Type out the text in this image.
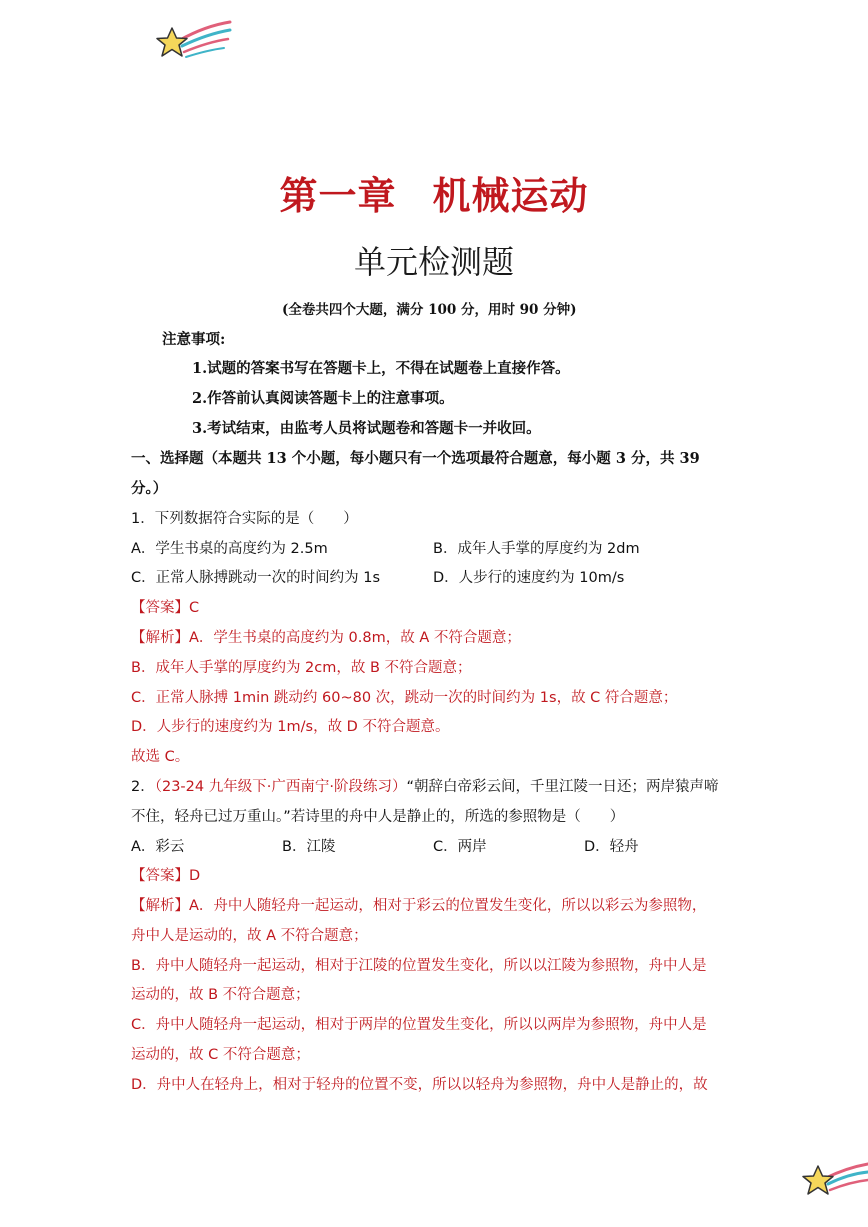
第一章 机械运动
单元检测题
(全卷共四个大题，满分 100 分，用时 90 分钟)
注意事项:
1.试题的答案书写在答题卡上，不得在试题卷上直接作答。
2.作答前认真阅读答题卡上的注意事项。
3.考试结束，由监考人员将试题卷和答题卡一并收回。
一、选择题（本题共 13 个小题，每小题只有一个选项最符合题意，每小题 3 分，共 39
分。）
1．下列数据符合实际的是（　　）
A．学生书桌的高度约为 2.5m	B．成年人手掌的厚度约为 2dm
C．正常人脉搏跳动一次的时间约为 1s	D．人步行的速度约为 10m/s
【答案】C
【解析】A．学生书桌的高度约为 0.8m，故 A 不符合题意；
B．成年人手掌的厚度约为 2cm，故 B 不符合题意；
C．正常人脉搏 1min 跳动约 60~80 次，跳动一次的时间约为 1s，故 C 符合题意；
D．人步行的速度约为 1m/s，故 D 不符合题意。
故选 C。
2．（23-24 九年级下·广西南宁·阶段练习）“朝辞白帝彩云间，千里江陵一日还；两岸猿声啼
不住，轻舟已过万重山。”若诗里的舟中人是静止的，所选的参照物是（　　）
A．彩云	B．江陵	C．两岸	D．轻舟
【答案】D
【解析】A．舟中人随轻舟一起运动，相对于彩云的位置发生变化，所以以彩云为参照物，
舟中人是运动的，故 A 不符合题意；
B．舟中人随轻舟一起运动，相对于江陵的位置发生变化，所以以江陵为参照物，舟中人是
运动的，故 B 不符合题意；
C．舟中人随轻舟一起运动，相对于两岸的位置发生变化，所以以两岸为参照物，舟中人是
运动的，故 C 不符合题意；
D．舟中人在轻舟上，相对于轻舟的位置不变，所以以轻舟为参照物，舟中人是静止的，故
